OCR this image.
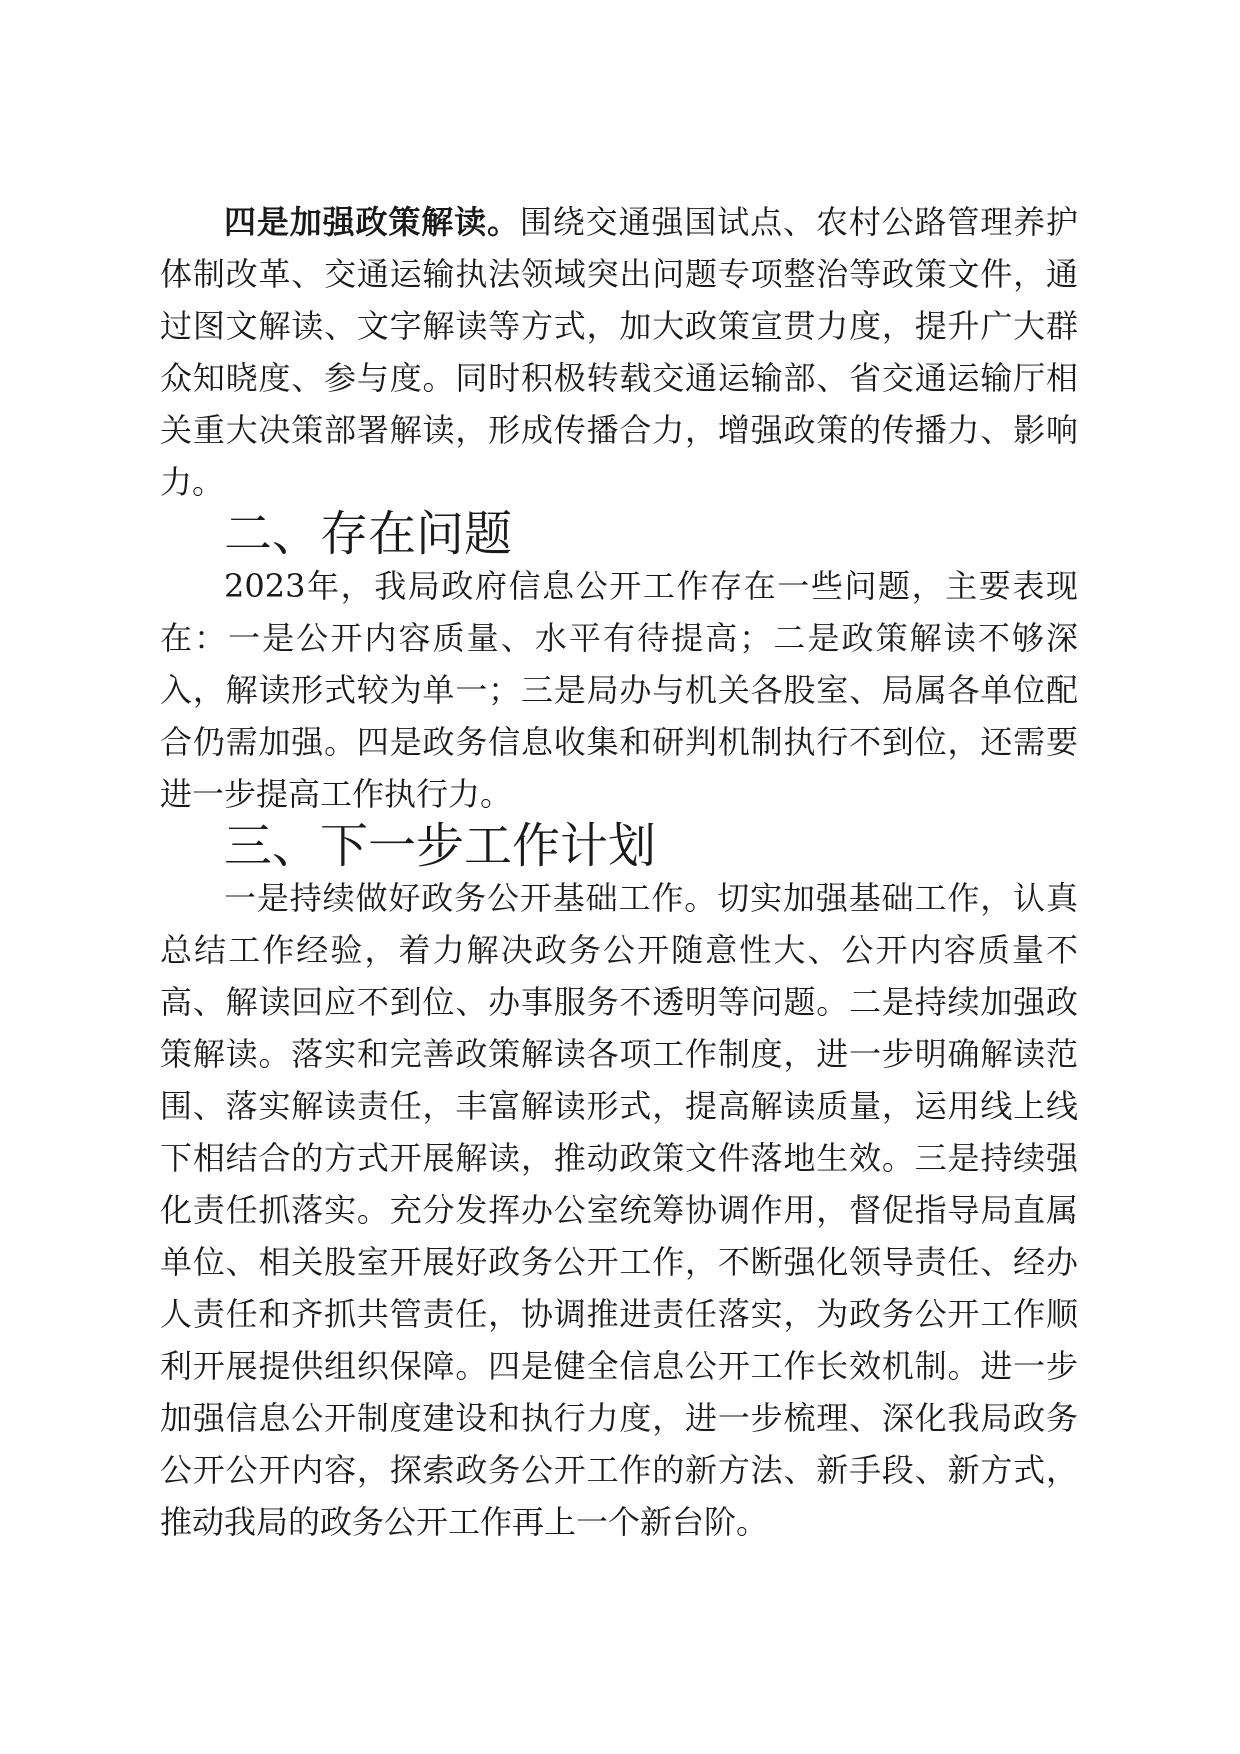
四是加强政策解读。围绕交通强国试点、农村公路管理养护体制改革、交通运输执法领域突出问题专项整治等政策文件，通过图文解读、文字解读等方式，加大政策宣贯力度，提升广大群众知晓度、参与度。同时积极转载交通运输部、省交通运输厅相关重大决策部署解读，形成传播合力，增强政策的传播力、影响力。

二、存在问题

2023年，我局政府信息公开工作存在一些问题，主要表现在：一是公开内容质量、水平有待提高；二是政策解读不够深入，解读形式较为单一；三是局办与机关各股室、局属各单位配合仍需加强。四是政务信息收集和研判机制执行不到位，还需要进一步提高工作执行力。

三、下一步工作计划

一是持续做好政务公开基础工作。切实加强基础工作，认真总结工作经验，着力解决政务公开随意性大、公开内容质量不高、解读回应不到位、办事服务不透明等问题。二是持续加强政策解读。落实和完善政策解读各项工作制度，进一步明确解读范围、落实解读责任，丰富解读形式，提高解读质量，运用线上线下相结合的方式开展解读，推动政策文件落地生效。三是持续强化责任抓落实。充分发挥办公室统筹协调作用，督促指导局直属单位、相关股室开展好政务公开工作，不断强化领导责任、经办人责任和齐抓共管责任，协调推进责任落实，为政务公开工作顺利开展提供组织保障。四是健全信息公开工作长效机制。进一步加强信息公开制度建设和执行力度，进一步梳理、深化我局政务公开公开内容，探索政务公开工作的新方法、新手段、新方式，推动我局的政务公开工作再上一个新台阶。
